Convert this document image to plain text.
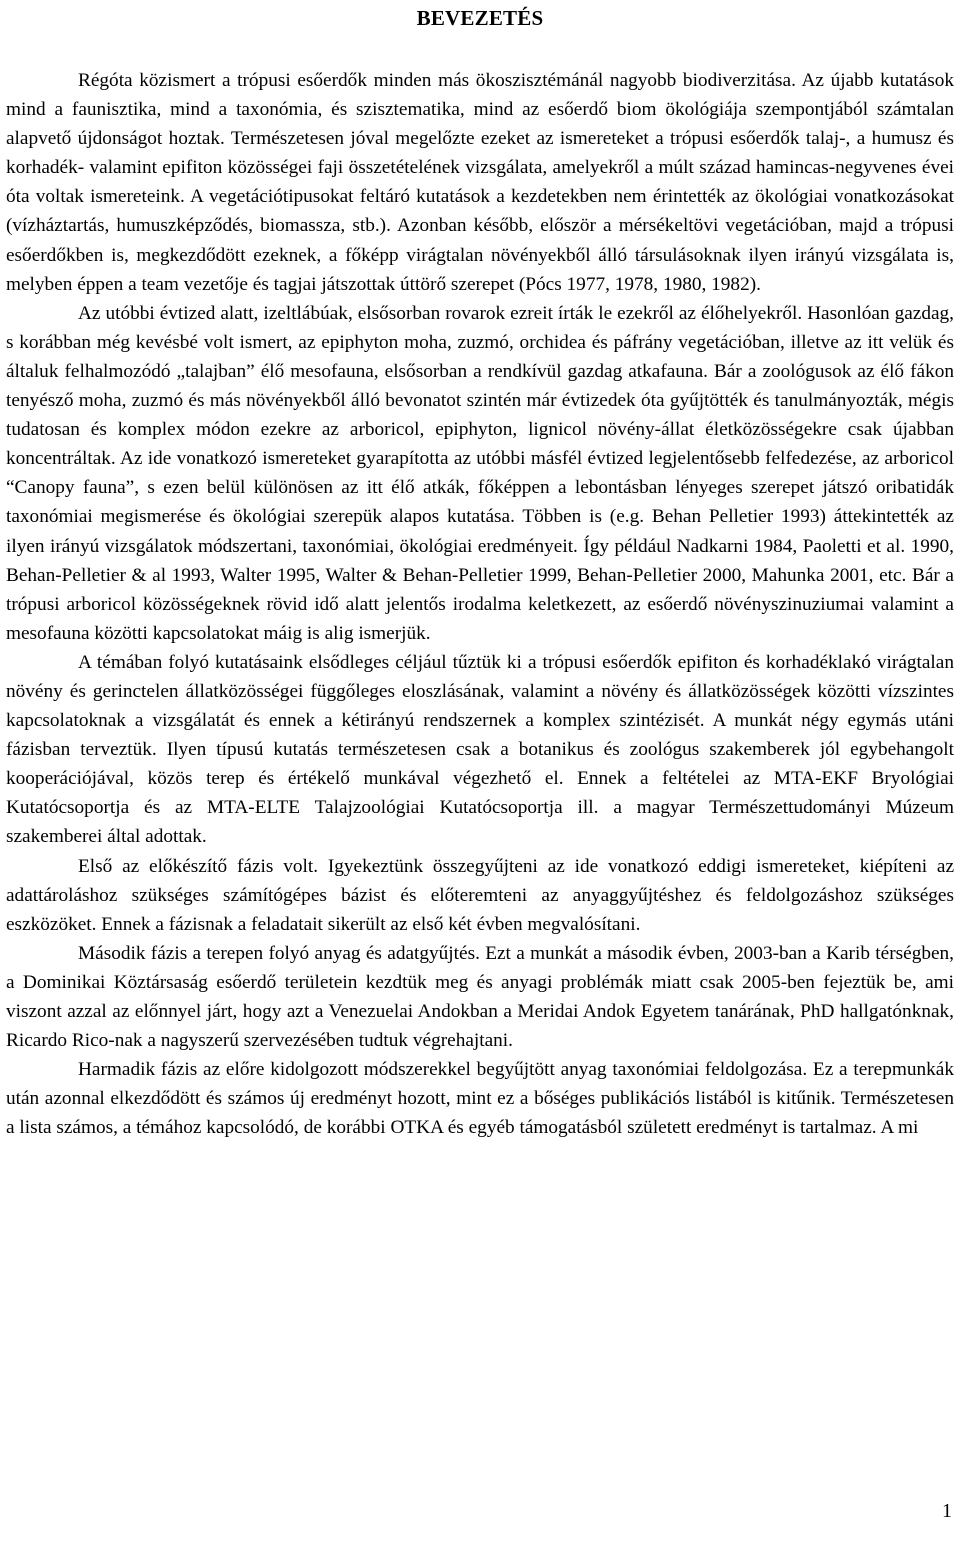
BEVEZETÉS

Régóta közismert a trópusi esőerdők minden más ökoszisztémánál nagyobb biodiverzitása. Az újabb kutatások mind a faunisztika, mind a taxonómia, és szisztematika, mind az esőerdő biom ökológiája szempontjából számtalan alapvető újdonságot hoztak. Természetesen jóval megelőzte ezeket az ismereteket a trópusi esőerdők talaj-, a humusz és korhadék- valamint epifiton közösségei faji összetételének vizsgálata, amelyekről a múlt század hamincas-negyvenes évei óta voltak ismereteink. A vegetációtipusokat feltáró kutatások a kezdetekben nem érintették az ökológiai vonatkozásokat (vízháztartás, humuszképződés, biomassza, stb.). Azonban később, először a mérsékeltövi vegetációban, majd a trópusi esőerdőkben is, megkezdődött ezeknek, a főképp virágtalan növényekből álló társulásoknak ilyen irányú vizsgálata is, melyben éppen a team vezetője és tagjai játszottak úttörő szerepet (Pócs 1977, 1978, 1980, 1982).

Az utóbbi évtized alatt, izeltlábúak, elsősorban rovarok ezreit írták le ezekről az élőhelyekről. Hasonlóan gazdag, s korábban még kevésbé volt ismert, az epiphyton moha, zuzmó, orchidea és páfrány vegetációban, illetve az itt velük és általuk felhalmozódó „talajban” élő mesofauna, elsősorban a rendkívül gazdag atkafauna. Bár a zoológusok az élő fákon tenyésző moha, zuzmó és más növényekből álló bevonatot szintén már évtizedek óta gyűjtötték és tanulmányozták, mégis tudatosan és komplex módon ezekre az arboricol, epiphyton, lignicol növény-állat életközösségekre csak újabban koncentráltak. Az ide vonatkozó ismereteket gyarapította az utóbbi másfél évtized legjelentősebb felfedezése, az arboricol “Canopy fauna”, s ezen belül különösen az itt élő atkák, főképpen a lebontásban lényeges szerepet játszó oribatidák taxonómiai megismerése és ökológiai szerepük alapos kutatása. Többen is (e.g. Behan Pelletier 1993) áttekintették az ilyen irányú vizsgálatok módszertani, taxonómiai, ökológiai eredményeit. Így például Nadkarni 1984, Paoletti et al. 1990, Behan-Pelletier & al 1993, Walter 1995, Walter & Behan-Pelletier 1999, Behan-Pelletier 2000, Mahunka 2001, etc. Bár a trópusi arboricol közösségeknek rövid idő alatt jelentős irodalma keletkezett, az esőerdő növényszinuziumai valamint a mesofauna közötti kapcsolatokat máig is alig ismerjük.

A témában folyó kutatásaink elsődleges céljául tűztük ki a trópusi esőerdők epifiton és korhadéklakó virágtalan növény és gerinctelen állatközösségei függőleges eloszlásának, valamint a növény és állatközösségek közötti vízszintes kapcsolatoknak a vizsgálatát és ennek a kétirányú rendszernek a komplex szintézisét. A munkát négy egymás utáni fázisban terveztük. Ilyen típusú kutatás természetesen csak a botanikus és zoológus szakemberek jól egybehangolt kooperációjával, közös terep és értékelő munkával végezhető el. Ennek a feltételei az MTA-EKF Bryológiai Kutatócsoportja és az MTA-ELTE Talajzoológiai Kutatócsoportja ill. a magyar Természettudományi Múzeum szakemberei által adottak.

Első az előkészítő fázis volt. Igyekeztünk összegyűjteni az ide vonatkozó eddigi ismereteket, kiépíteni az adattároláshoz szükséges számítógépes bázist és előteremteni az anyaggyűjtéshez és feldolgozáshoz szükséges eszközöket. Ennek a fázisnak a feladatait sikerült az első két évben megvalósítani.

Második fázis a terepen folyó anyag és adatgyűjtés. Ezt a munkát a második évben, 2003-ban a Karib térségben, a Dominikai Köztársaság esőerdő területein kezdtük meg és anyagi problémák miatt csak 2005-ben fejeztük be, ami viszont azzal az előnnyel járt, hogy azt a Venezuelai Andokban a Meridai Andok Egyetem tanárának, PhD hallgatónknak, Ricardo Rico-nak a nagyszerű szervezésében tudtuk végrehajtani.

Harmadik fázis az előre kidolgozott módszerekkel begyűjtött anyag taxonómiai feldolgozása. Ez a terepmunkák után azonnal elkezdődött és számos új eredményt hozott, mint ez a bőséges publikációs listából is kitűnik. Természetesen a lista számos, a témához kapcsolódó, de korábbi OTKA és egyéb támogatásból született eredményt is tartalmaz. A mi

1
